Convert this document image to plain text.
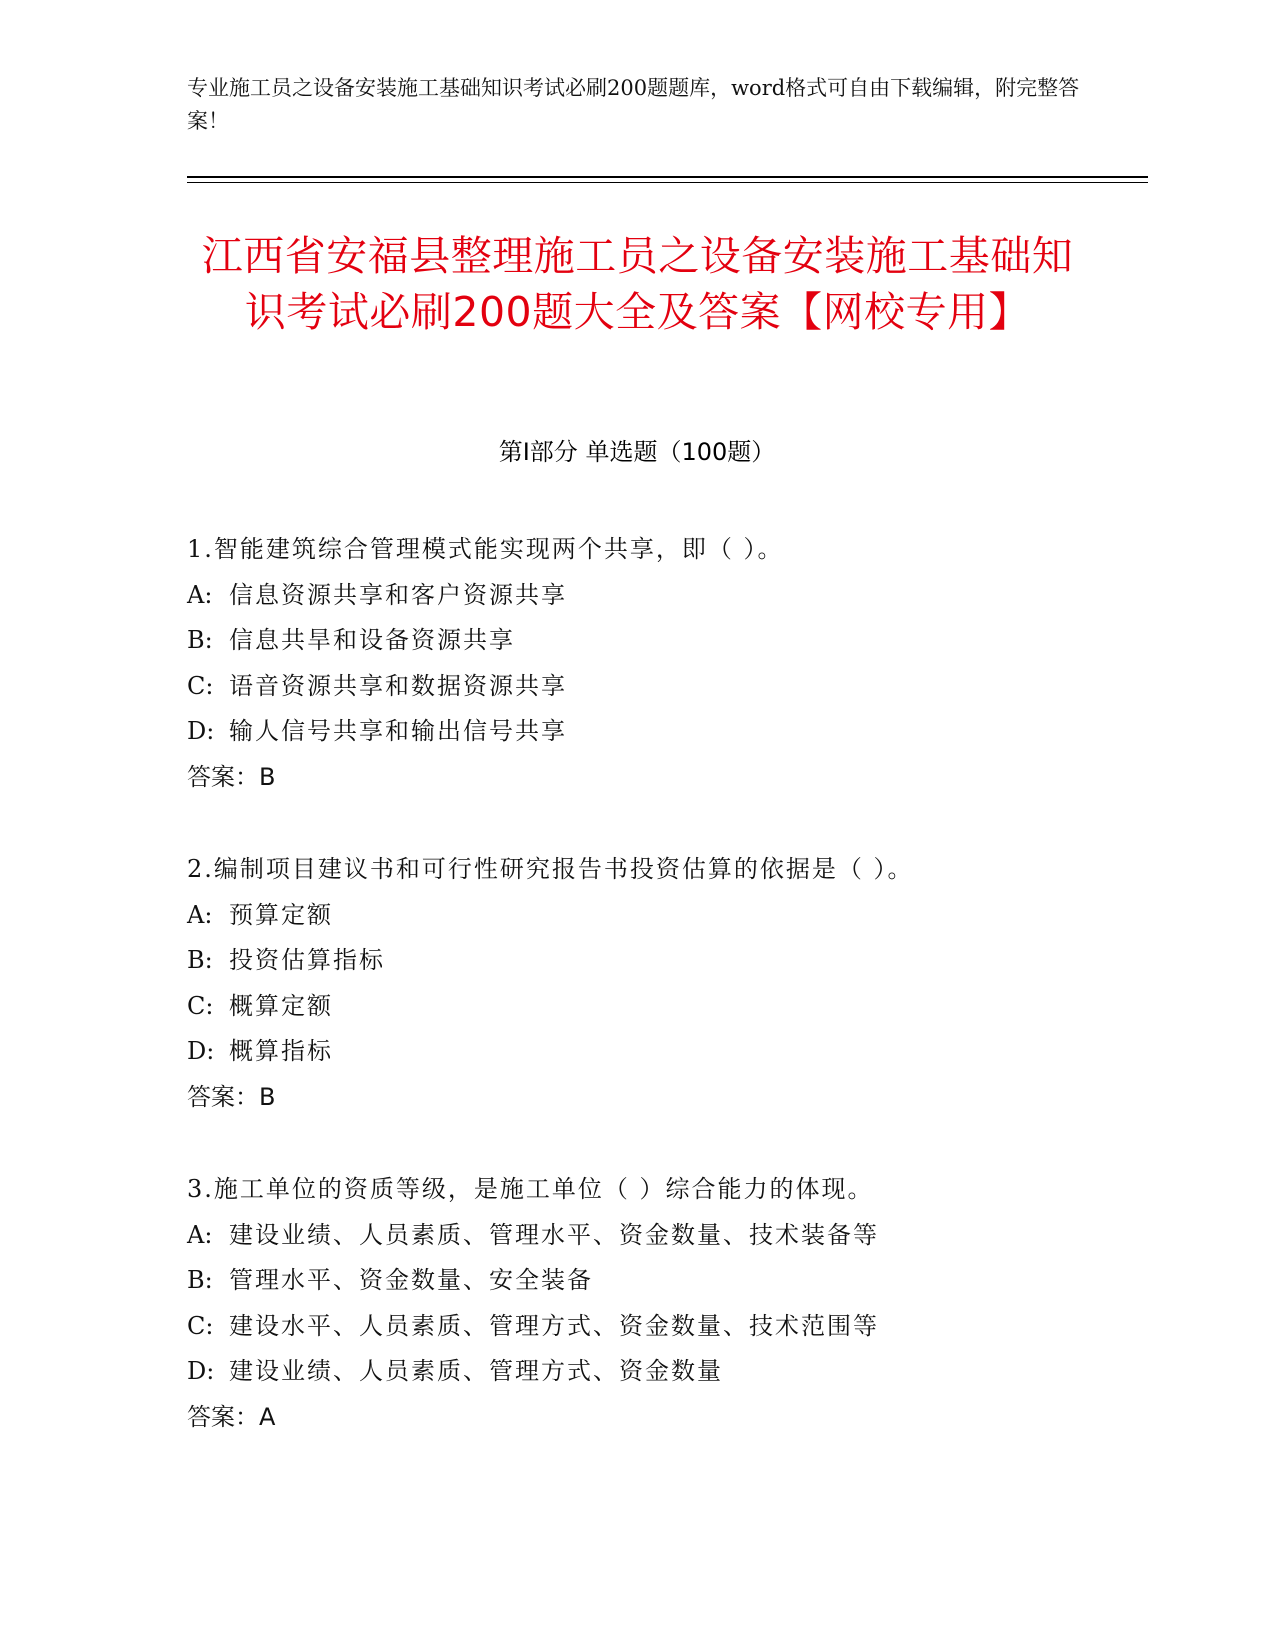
专业施工员之设备安装施工基础知识考试必刷200题题库，word格式可自由下载编辑，附完整答案！
江西省安福县整理施工员之设备安装施工基础知识考试必刷200题大全及答案【网校专用】
第Ⅰ部分 单选题（100题）
1.智能建筑综合管理模式能实现两个共享，即（ ）。
A: 信息资源共享和客户资源共享
B: 信息共旱和设备资源共享
C: 语音资源共享和数据资源共享
D: 输人信号共享和输出信号共享
答案：B
2.编制项目建议书和可行性研究报告书投资估算的依据是（ ）。
A: 预算定额
B: 投资估算指标
C: 概算定额
D: 概算指标
答案：B
3.施工单位的资质等级，是施工单位（ ）综合能力的体现。
A: 建设业绩、人员素质、管理水平、资金数量、技术装备等
B: 管理水平、资金数量、安全装备
C: 建设水平、人员素质、管理方式、资金数量、技术范围等
D: 建设业绩、人员素质、管理方式、资金数量
答案：A
